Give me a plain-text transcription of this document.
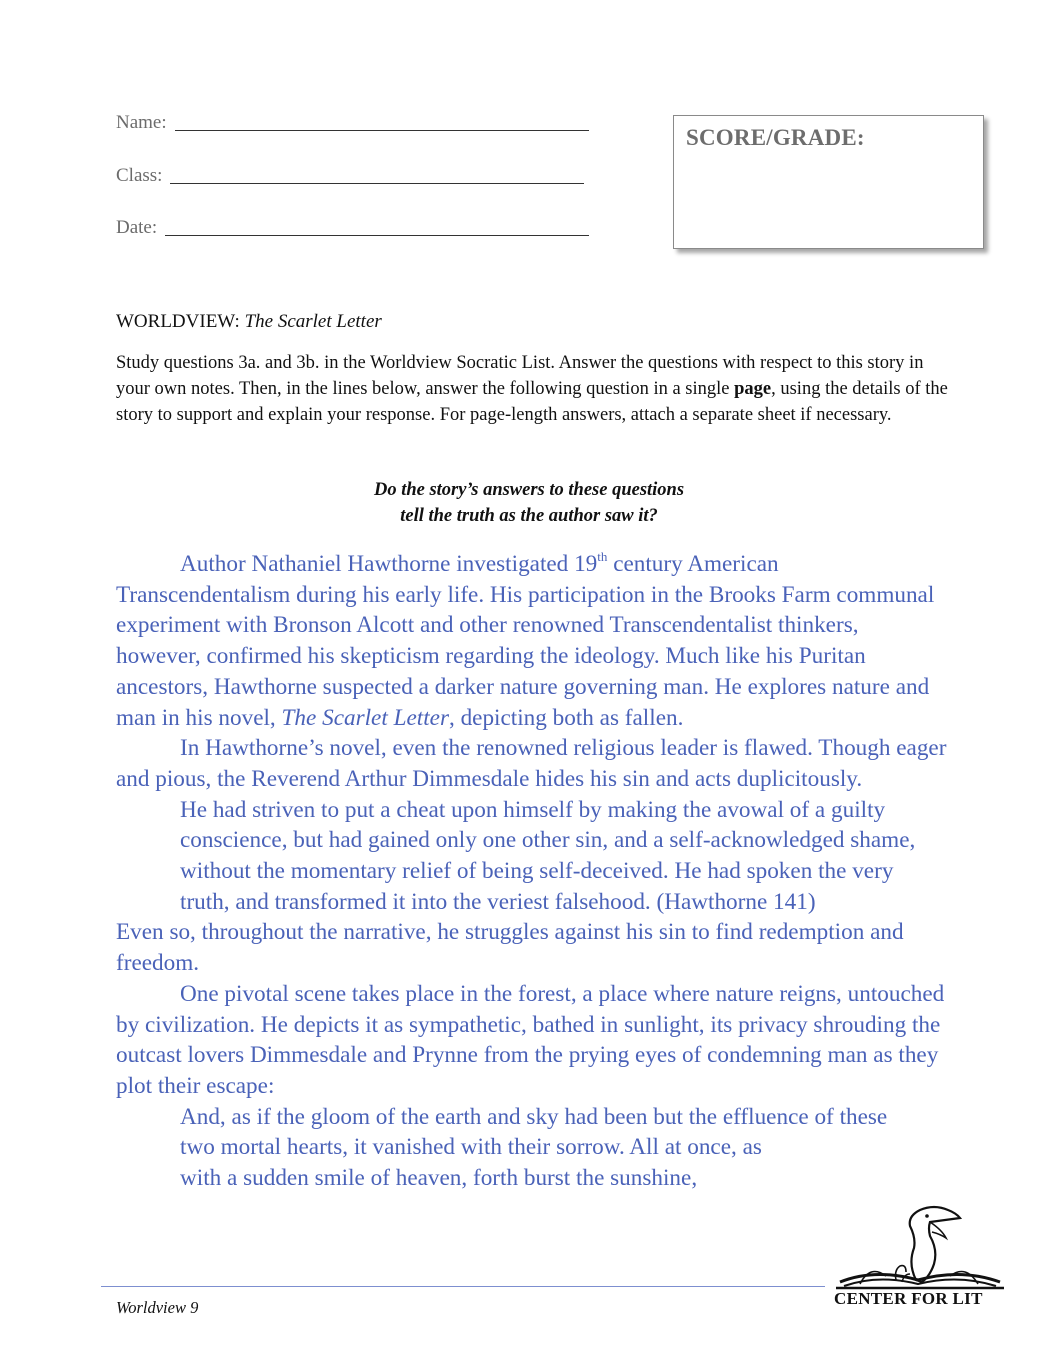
Name:
Class:
Date:
SCORE/GRADE:
WORLDVIEW: The Scarlet Letter
Study questions 3a. and 3b. in the Worldview Socratic List. Answer the questions with respect to this story in your own notes. Then, in the lines below, answer the following question in a single page, using the details of the story to support and explain your response. For page-length answers, attach a separate sheet if necessary.
Do the story’s answers to these questions
tell the truth as the author saw it?

Author Nathaniel Hawthorne investigated 19th century American Transcendentalism during his early life. His participation in the Brooks Farm communal experiment with Bronson Alcott and other renowned Transcendentalist thinkers, however, confirmed his skepticism regarding the ideology. Much like his Puritan ancestors, Hawthorne suspected a darker nature governing man. He explores nature and man in his novel, The Scarlet Letter, depicting both as fallen.

In Hawthorne’s novel, even the renowned religious leader is flawed. Though eager and pious, the Reverend Arthur Dimmesdale hides his sin and acts duplicitously.

He had striven to put a cheat upon himself by making the avowal of a guilty conscience, but had gained only one other sin, and a self-acknowledged shame, without the momentary relief of being self-deceived. He had spoken the very truth, and transformed it into the veriest falsehood. (Hawthorne 141)

Even so, throughout the narrative, he struggles against his sin to find redemption and freedom.

One pivotal scene takes place in the forest, a place where nature reigns, untouched by civilization. He depicts it as sympathetic, bathed in sunlight, its privacy shrouding the outcast lovers Dimmesdale and Prynne from the prying eyes of condemning man as they plot their escape:

And, as if the gloom of the earth and sky had been but the effluence of these
two mortal hearts, it vanished with their sorrow. All at once, as
with a sudden smile of heaven, forth burst the sunshine,
Worldview 9	CENTER FOR LIT
